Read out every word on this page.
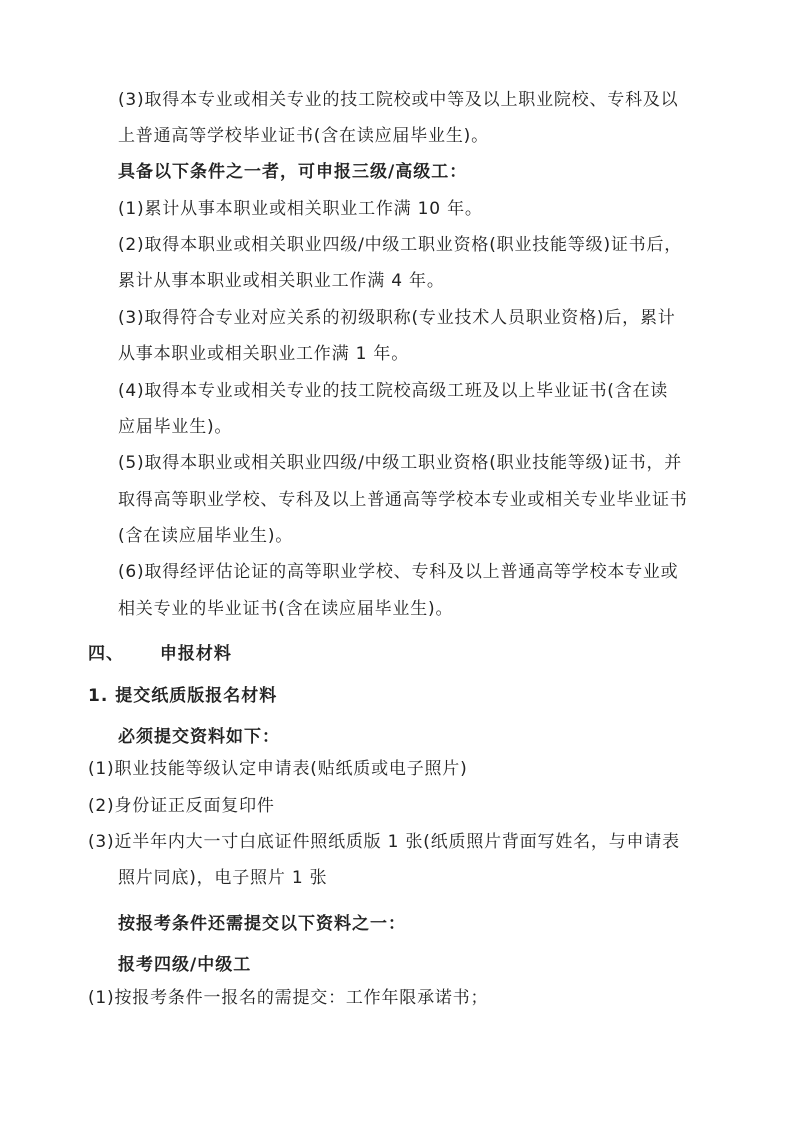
(3)取得本专业或相关专业的技工院校或中等及以上职业院校、专科及以
上普通高等学校毕业证书(含在读应届毕业生)。
具备以下条件之一者，可申报三级/高级工：
(1)累计从事本职业或相关职业工作满 10 年。
(2)取得本职业或相关职业四级/中级工职业资格(职业技能等级)证书后，
累计从事本职业或相关职业工作满 4 年。
(3)取得符合专业对应关系的初级职称(专业技术人员职业资格)后，累计
从事本职业或相关职业工作满 1 年。
(4)取得本专业或相关专业的技工院校高级工班及以上毕业证书(含在读
应届毕业生)。
(5)取得本职业或相关职业四级/中级工职业资格(职业技能等级)证书，并
取得高等职业学校、专科及以上普通高等学校本专业或相关专业毕业证书
(含在读应届毕业生)。
(6)取得经评估论证的高等职业学校、专科及以上普通高等学校本专业或
相关专业的毕业证书(含在读应届毕业生)。
四、 申报材料
1. 提交纸质版报名材料
必须提交资料如下：
(1)职业技能等级认定申请表(贴纸质或电子照片)
(2)身份证正反面复印件
(3)近半年内大一寸白底证件照纸质版 1 张(纸质照片背面写姓名，与申请表
照片同底)，电子照片 1 张
按报考条件还需提交以下资料之一：
报考四级/中级工
(1)按报考条件一报名的需提交：工作年限承诺书；
